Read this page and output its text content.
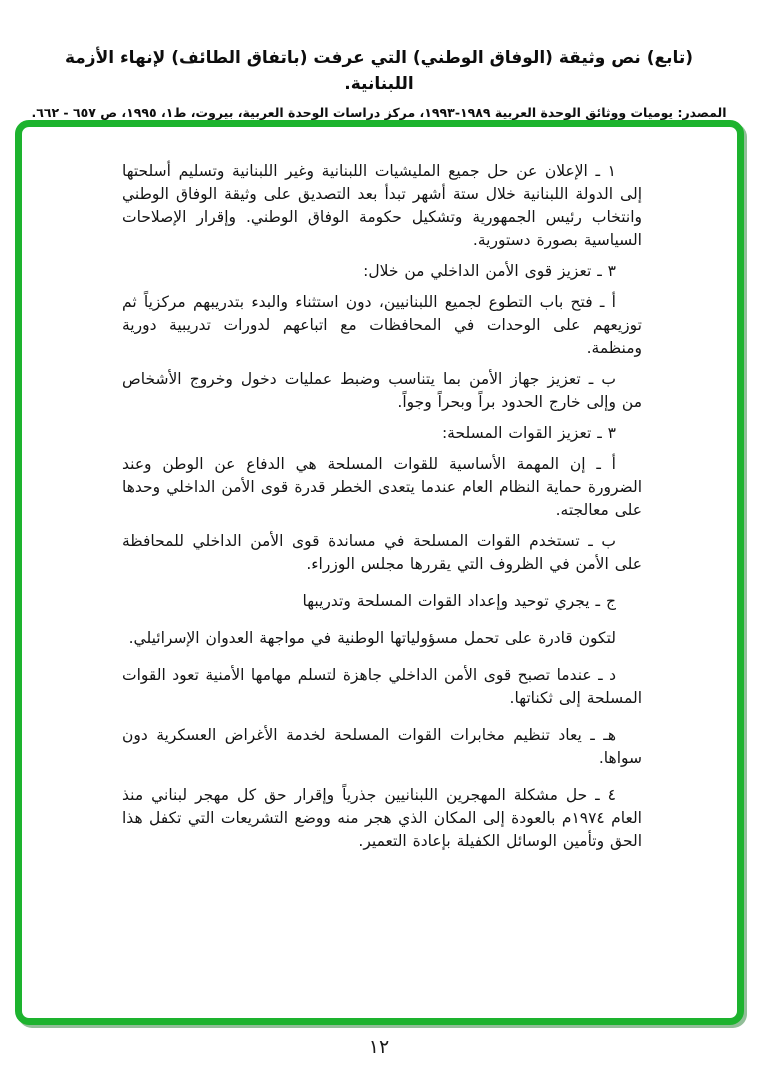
(تابع) نص وثيقة (الوفاق الوطني) التي عرفت (باتفاق الطائف) لإنهاء الأزمة اللبنانية.
المصدر: يوميات ووثائق الوحدة العربية ١٩٨٩-١٩٩٣، مركز دراسات الوحدة العربية، بيروت، ط١، ١٩٩٥، ص ٦٥٧ - ٦٦٢.

١ ـ الإعلان عن حل جميع المليشيات اللبنانية وغير اللبنانية وتسليم أسلحتها إلى الدولة اللبنانية خلال ستة أشهر تبدأ بعد التصديق على وثيقة الوفاق الوطني وانتخاب رئيس الجمهورية وتشكيل حكومة الوفاق الوطني. وإقرار الإصلاحات السياسية بصورة دستورية.

٣ ـ تعزيز قوى الأمن الداخلي من خلال:

أ ـ فتح باب التطوع لجميع اللبنانيين، دون استثناء والبدء بتدريبهم مركزياً ثم توزيعهم على الوحدات في المحافظات مع اتباعهم لدورات تدريبية دورية ومنظمة.

ب ـ تعزيز جهاز الأمن بما يتناسب وضبط عمليات دخول وخروج الأشخاص من وإلى خارج الحدود براً وبحراً وجواً.

٣ ـ تعزيز القوات المسلحة:

أ ـ إن المهمة الأساسية للقوات المسلحة هي الدفاع عن الوطن وعند الضرورة حماية النظام العام عندما يتعدى الخطر قدرة قوى الأمن الداخلي وحدها على معالجته.

ب ـ تستخدم القوات المسلحة في مساندة قوى الأمن الداخلي للمحافظة على الأمن في الظروف التي يقررها مجلس الوزراء.

ج ـ يجري توحيد وإعداد القوات المسلحة وتدريبها

لتكون قادرة على تحمل مسؤولياتها الوطنية في مواجهة العدوان الإسرائيلي.

د ـ عندما تصبح قوى الأمن الداخلي جاهزة لتسلم مهامها الأمنية تعود القوات المسلحة إلى ثكناتها.

هـ ـ يعاد تنظيم مخابرات القوات المسلحة لخدمة الأغراض العسكرية دون سواها.

٤ ـ حل مشكلة المهجرين اللبنانيين جذرياً وإقرار حق كل مهجر لبناني منذ العام ١٩٧٤م بالعودة إلى المكان الذي هجر منه ووضع التشريعات التي تكفل هذا الحق وتأمين الوسائل الكفيلة بإعادة التعمير.

١٢
